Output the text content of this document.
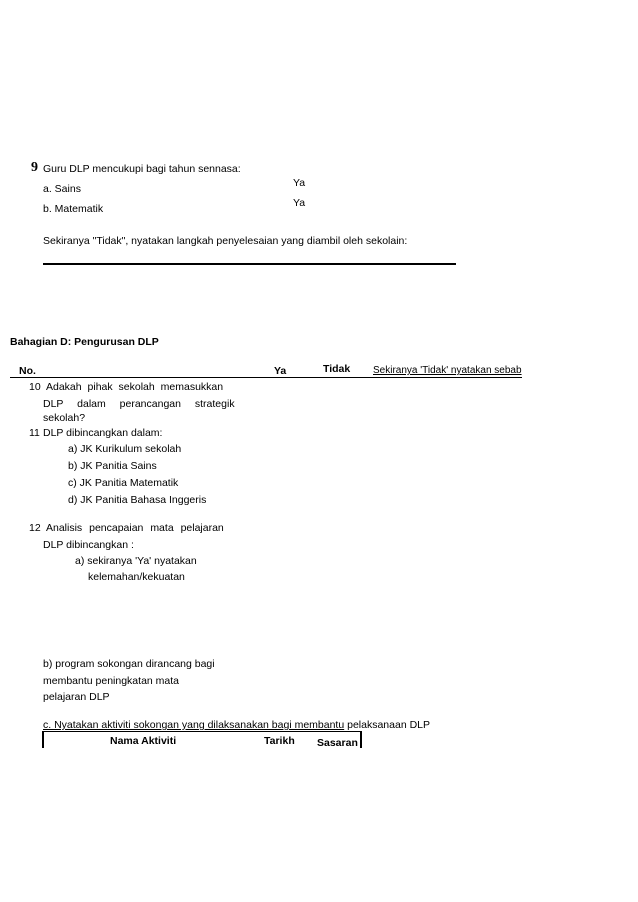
9 Guru DLP mencukupi bagi tahun sennasa:
a. Sains	Ya
b. Matematik	Ya
Sekiranya "Tidak", nyatakan langkah penyelesaian yang diambil oleh sekolain:
Bahagian D: Pengurusan DLP
No.	Ya	Tidak Sekiranya 'Tidak' nyatakan sebab
10 Adakah pihak sekolah memasukkan
DLP dalam perancangan strategik
sekolah?
11 DLP dibincangkan dalam:
a) JK Kurikulum sekolah
b) JK Panitia Sains
c) JK Panitia Matematik
d) JK Panitia Bahasa Inggeris
12 Analisis pencapaian mata pelajaran
DLP dibincangkan :
a) sekiranya 'Ya' nyatakan
kelemahan/kekuatan
b) program sokongan dirancang bagi
membantu peningkatan mata
pelajaran DLP
c. Nyatakan aktiviti sokongan yang dilaksanakan bagi membantu pelaksanaan DLP
Nama Aktiviti	Tarikh Sasaran
